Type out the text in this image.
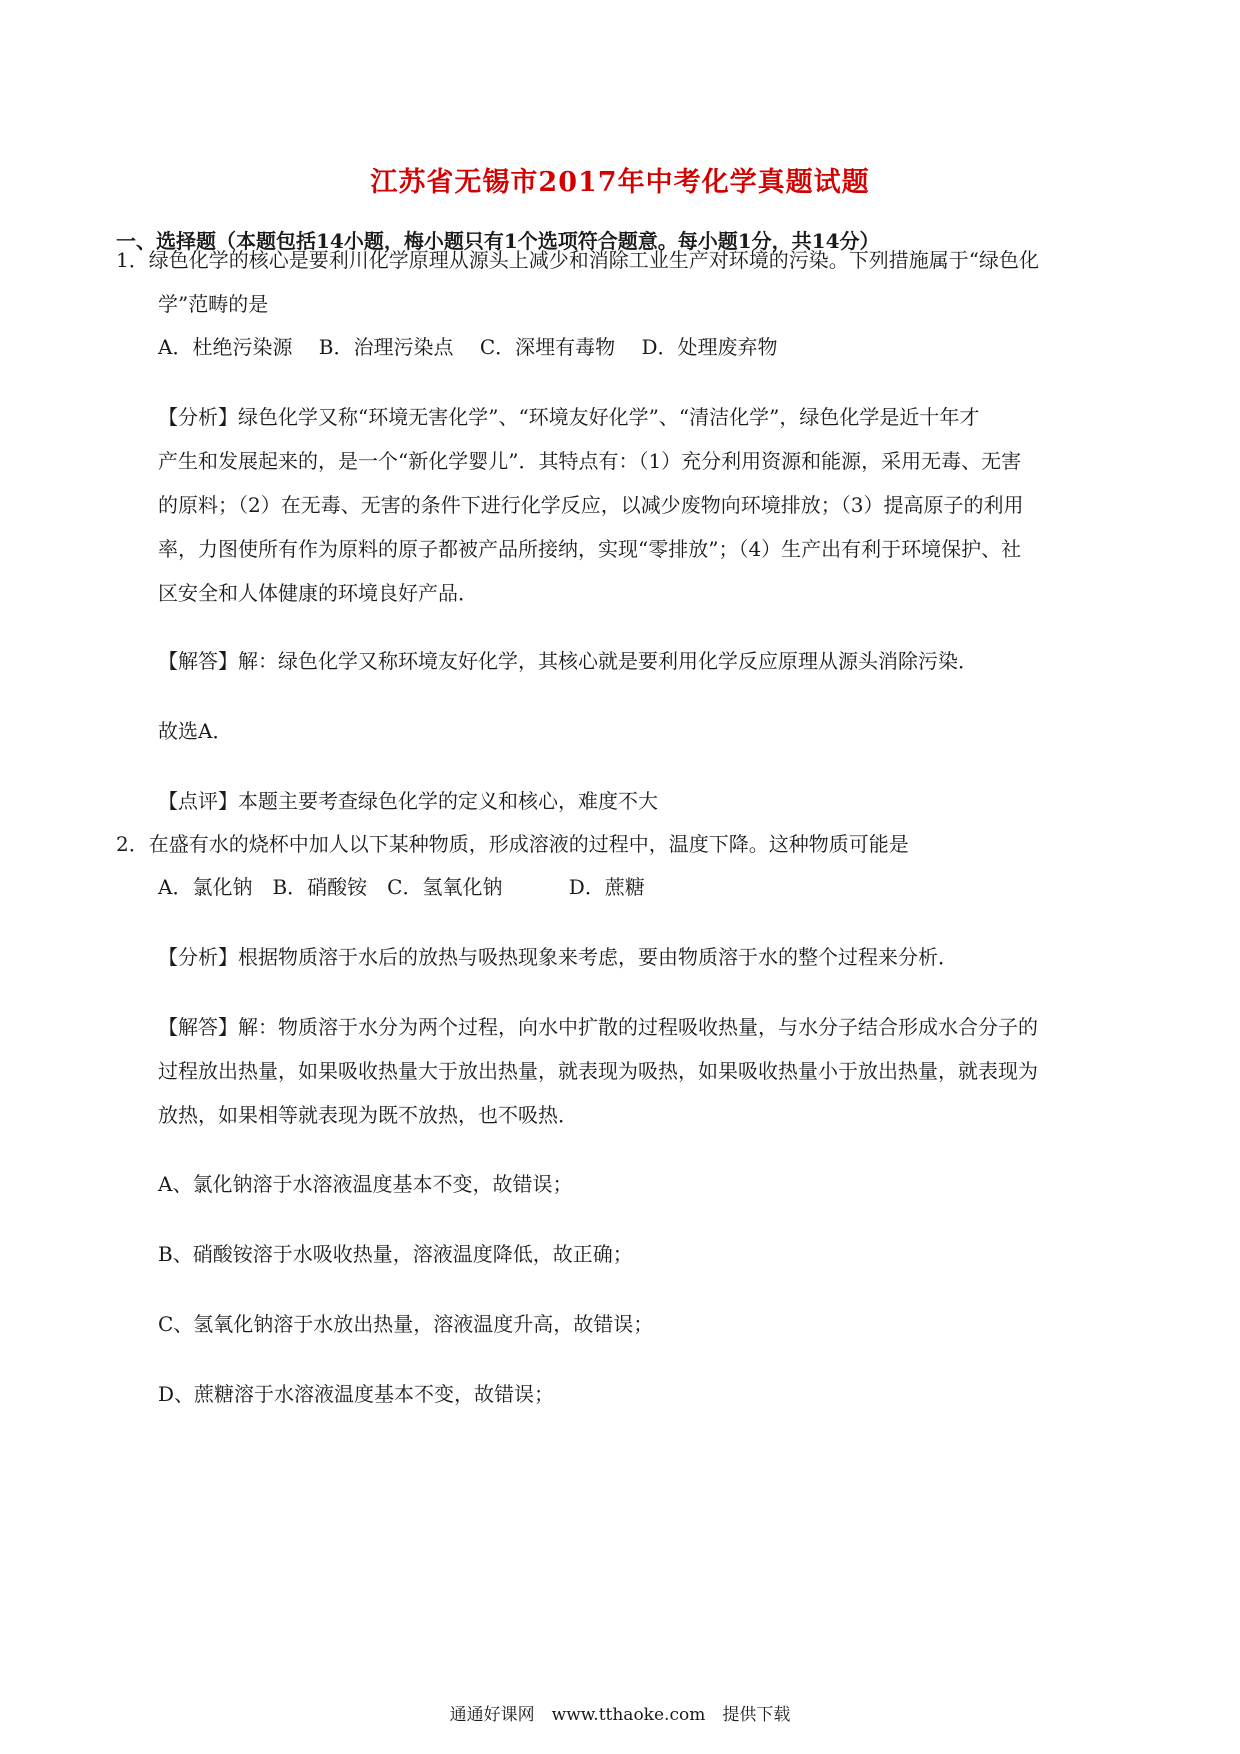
江苏省无锡市2017年中考化学真题试题
一、选择题（本题包括14小题，梅小题只有1个选项符合题意。每小题1分，共14分）
1．绿色化学的核心是要利川化学原理从源头上减少和消除工业生产对环境的污染。下列措施属于“绿色化
学”范畴的是
A．杜绝污染源　 B．治理污染点　 C．深埋有毒物　 D．处理废弃物
【分析】绿色化学又称“环境无害化学”、“环境友好化学”、“清洁化学”，绿色化学是近十年才
产生和发展起来的，是一个“新化学婴儿”．其特点有：（1）充分利用资源和能源，采用无毒、无害
的原料；（2）在无毒、无害的条件下进行化学反应，以减少废物向环境排放；（3）提高原子的利用
率，力图使所有作为原料的原子都被产品所接纳，实现“零排放”；（4）生产出有利于环境保护、社
区安全和人体健康的环境良好产品．
【解答】解：绿色化学又称环境友好化学，其核心就是要利用化学反应原理从源头消除污染．
故选A．
【点评】本题主要考查绿色化学的定义和核心，难度不大
2．在盛有水的烧杯中加人以下某种物质，形成溶液的过程中，温度下降。这种物质可能是
A．氯化钠　B．硝酸铵　C．氢氧化钠　　　 D．蔗糖
【分析】根据物质溶于水后的放热与吸热现象来考虑，要由物质溶于水的整个过程来分析．
【解答】解：物质溶于水分为两个过程，向水中扩散的过程吸收热量，与水分子结合形成水合分子的
过程放出热量，如果吸收热量大于放出热量，就表现为吸热，如果吸收热量小于放出热量，就表现为
放热，如果相等就表现为既不放热，也不吸热．
A、氯化钠溶于水溶液温度基本不变，故错误；
B、硝酸铵溶于水吸收热量，溶液温度降低，故正确；
C、氢氧化钠溶于水放出热量，溶液温度升高，故错误；
D、蔗糖溶于水溶液温度基本不变，故错误；
通通好课网　www.tthaoke.com　提供下载
